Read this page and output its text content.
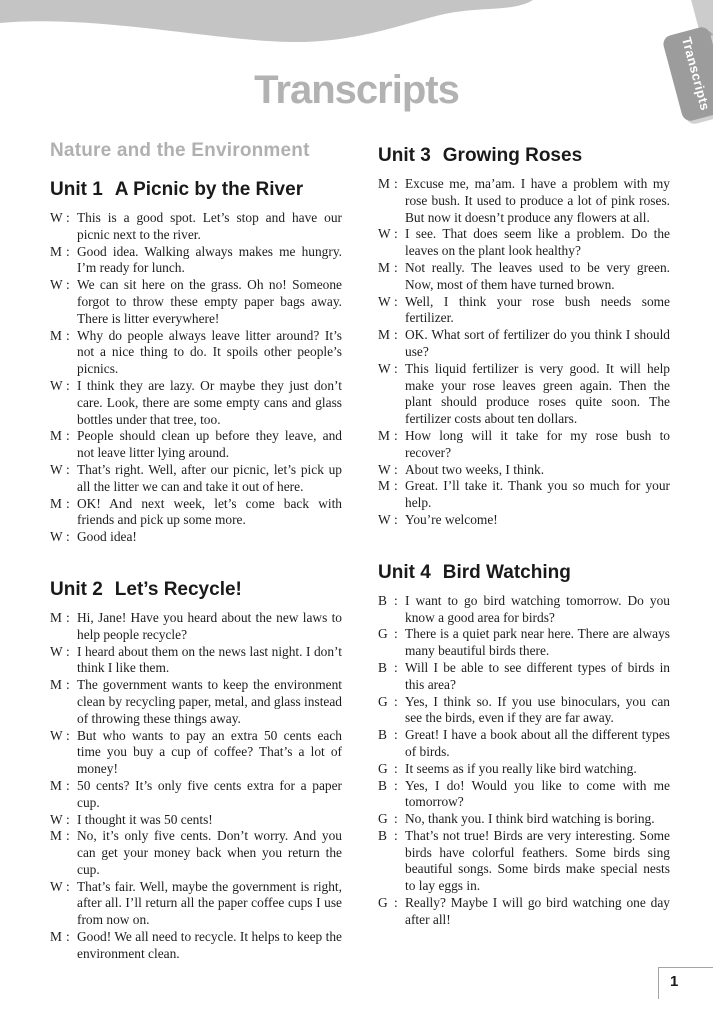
Transcripts
Transcripts
Nature and the Environment
Unit 1 A Picnic by the River

W : This is a good spot. Let’s stop and have our picnic next to the river.

M : Good idea. Walking always makes me hungry. I’m ready for lunch.

W : We can sit here on the grass. Oh no! Someone forgot to throw these empty paper bags away. There is litter everywhere!

M : Why do people always leave litter around? It’s not a nice thing to do. It spoils other people’s picnics.

W : I think they are lazy. Or maybe they just don’t care. Look, there are some empty cans and glass bottles under that tree, too.

M : People should clean up before they leave, and not leave litter lying around.

W : That’s right. Well, after our picnic, let’s pick up all the litter we can and take it out of here.

M : OK! And next week, let’s come back with friends and pick up some more.

W : Good idea!

Unit 2 Let’s Recycle!

M : Hi, Jane! Have you heard about the new laws to help people recycle?

W : I heard about them on the news last night. I don’t think I like them.

M : The government wants to keep the environment clean by recycling paper, metal, and glass instead of throwing these things away.

W : But who wants to pay an extra 50 cents each time you buy a cup of coffee? That’s a lot of money!

M : 50 cents? It’s only five cents extra for a paper cup.

W : I thought it was 50 cents!

M : No, it’s only five cents. Don’t worry. And you can get your money back when you return the cup.

W : That’s fair. Well, maybe the government is right, after all. I’ll return all the paper coffee cups I use from now on.

M : Good! We all need to recycle. It helps to keep the environment clean.

Unit 3 Growing Roses

M : Excuse me, ma’am. I have a problem with my rose bush. It used to produce a lot of pink roses. But now it doesn’t produce any flowers at all.

W : I see. That does seem like a problem. Do the leaves on the plant look healthy?

M : Not really. The leaves used to be very green. Now, most of them have turned brown.

W : Well, I think your rose bush needs some fertilizer.

M : OK. What sort of fertilizer do you think I should use?

W : This liquid fertilizer is very good. It will help make your rose leaves green again. Then the plant should produce roses quite soon. The fertilizer costs about ten dollars.

M : How long will it take for my rose bush to recover?

W : About two weeks, I think.

M : Great. I’ll take it. Thank you so much for your help.

W : You’re welcome!

Unit 4 Bird Watching

B : I want to go bird watching tomorrow. Do you know a good area for birds?

G : There is a quiet park near here. There are always many beautiful birds there.

B : Will I be able to see different types of birds in this area?

G : Yes, I think so. If you use binoculars, you can see the birds, even if they are far away.

B : Great! I have a book about all the different types of birds.

G : It seems as if you really like bird watching.

B : Yes, I do! Would you like to come with me tomorrow?

G : No, thank you. I think bird watching is boring.

B : That’s not true! Birds are very interesting. Some birds have colorful feathers. Some birds sing beautiful songs. Some birds make special nests to lay eggs in.

G : Really? Maybe I will go bird watching one day after all!

1
